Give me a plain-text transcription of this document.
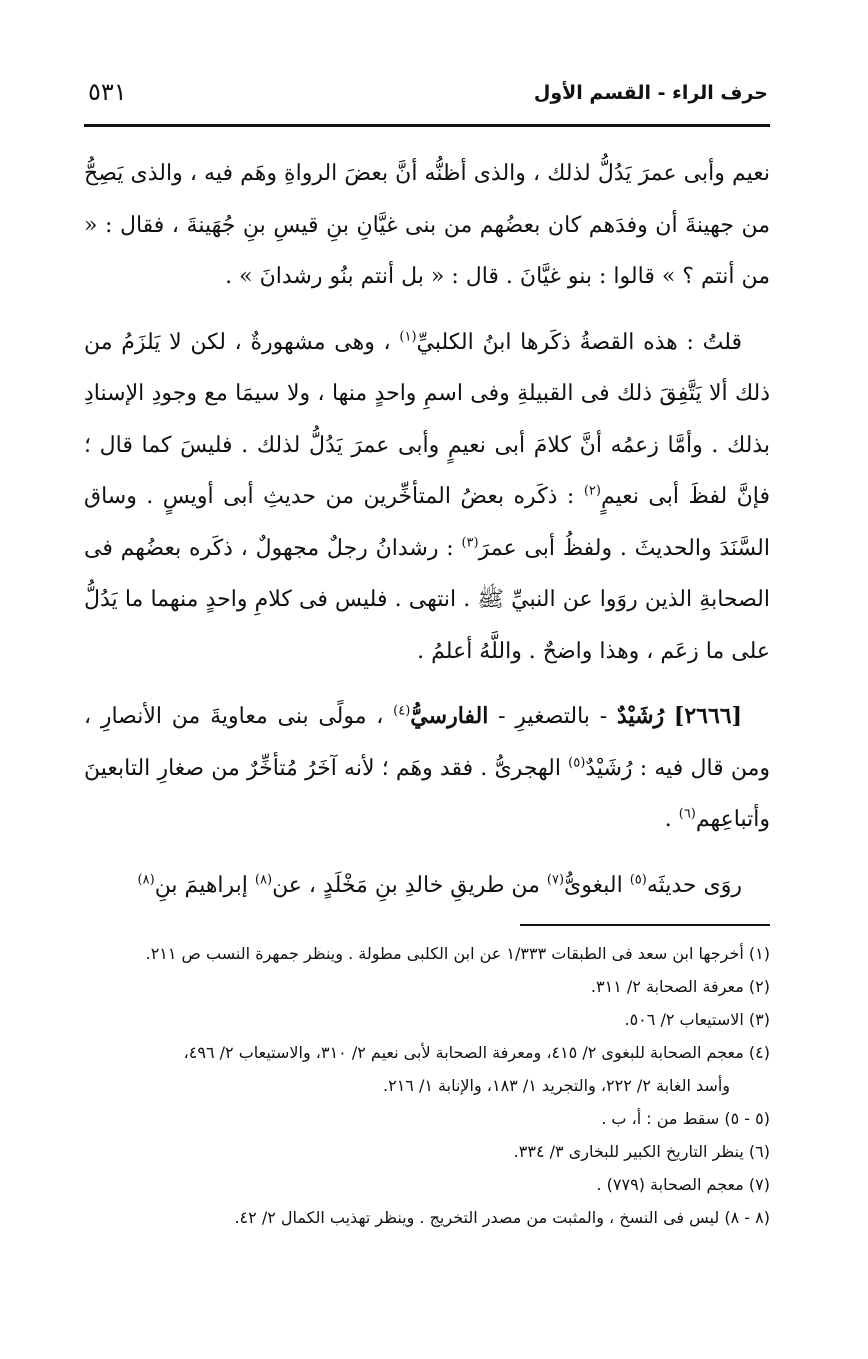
٥٣١	حرف الراء - القسم الأول

نعيم وأبى عمرَ يَدُلُّ لذلك ، والذى أظنُّه أنَّ بعضَ الرواةِ وهَم فيه ، والذى يَصِحُّ من جهينةَ أن وفدَهم كان بعضُهم من بنى غيَّانِ بنِ قيسِ بنِ جُهَينةَ ، فقال : « من أنتم ؟ » قالوا : بنو غيَّانَ . قال : « بل أنتم بنُو رشدانَ » .

قلتُ : هذه القصةُ ذكَرها ابنُ الكلبيِّ$^{(١)}$ ، وهى مشهورةٌ ، لكن لا يَلزَمُ من ذلك ألا يَتَّفِقَ ذلك فى القبيلةِ وفى اسمِ واحدٍ منها ، ولا سيمَا مع وجودِ الإسنادِ بذلك . وأمَّا زعمُه أنَّ كلامَ أبى نعيمٍ وأبى عمرَ يَدُلُّ لذلك . فليسَ كما قال ؛ فإنَّ لفظَ أبى نعيمٍ$^{(٢)}$ : ذكَره بعضُ المتأخِّرين من حديثِ أبى أويسٍ . وساق السَّنَدَ والحديثَ . ولفظُ أبى عمرَ$^{(٣)}$ : رشدانُ رجلٌ مجهولٌ ، ذكَره بعضُهم فى الصحابةِ الذين روَوا عن النبيِّ ﷺ . انتهى . فليس فى كلامِ واحدٍ منهما ما يَدُلُّ على ما زعَم ، وهذا واضحٌ . واللَّهُ أعلمُ .

[٢٦٦٦] رُشَيْدٌ - بالتصغيرِ - الفارسيُّ$^{(٤)}$ ، مولًى بنى معاويةَ من الأنصارِ ، ومن قال فيه : رُشَيْدٌ$^{(٥)}$ الهجرىُّ . فقد وهَم ؛ لأنه آخَرُ مُتأخِّرٌ من صغارِ التابعينَ وأتباعِهم$^{(٦)}$ .

روَى حديثَه$^{(٥)}$ البغوىُّ$^{(٧)}$ من طريقِ خالدِ بنِ مَخْلَدٍ ، عن$^{(٨)}$ إبراهيمَ بنِ$^{(٨)}$

(١) أخرجها ابن سعد فى الطبقات ١/٣٣٣ عن ابن الكلبى مطولة . وينظر جمهرة النسب ص ٢١١.

(٢) معرفة الصحابة ٢/ ٣١١.

(٣) الاستيعاب ٢/ ٥٠٦.

(٤) معجم الصحابة للبغوى ٢/ ٤١٥، ومعرفة الصحابة لأبى نعيم ٢/ ٣١٠، والاستيعاب ٢/ ٤٩٦،
وأسد الغابة ٢/ ٢٢٢، والتجريد ١/ ١٨٣، والإنابة ١/ ٢١٦.

(٥ - ٥) سقط من : أ، ب .

(٦) ينظر التاريخ الكبير للبخارى ٣/ ٣٣٤.

(٧) معجم الصحابة (٧٧٩) .

(٨ - ٨) ليس فى النسخ ، والمثبت من مصدر التخريج . وينظر تهذيب الكمال ٢/ ٤٢.
